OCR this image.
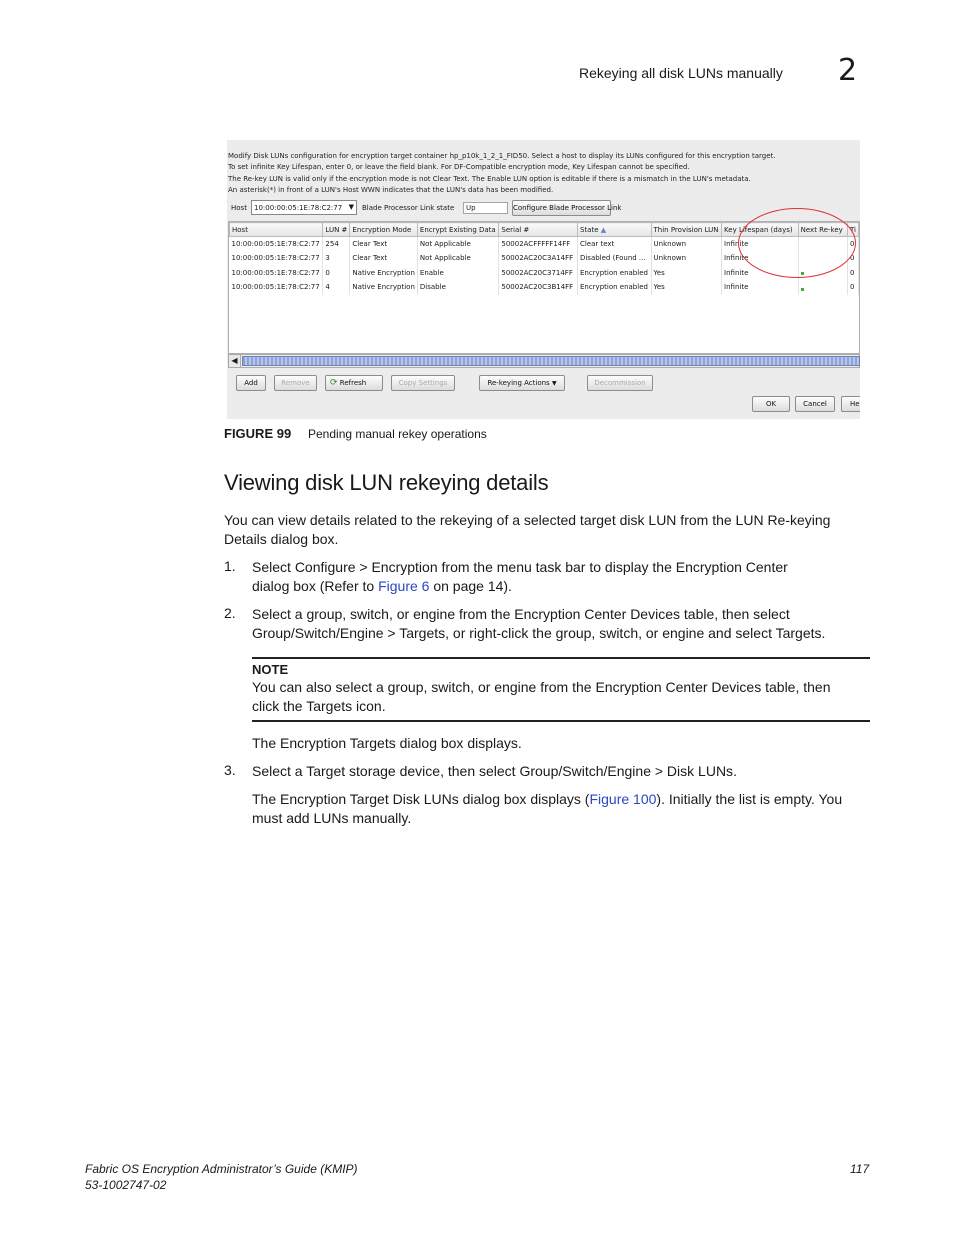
Rekeying all disk LUNs manually 2
Modify Disk LUNs configuration for encryption target container hp_p10k_1_2_1_FID50. Select a host to display its LUNs configured for this encryption target.
To set infinite Key Lifespan, enter 0, or leave the field blank. For DF-Compatible encryption mode, Key Lifespan cannot be specified.
The Re-key LUN is valid only if the encryption mode is not Clear Text. The Enable LUN option is editable if there is a mismatch in the LUN's metadata.
An asterisk(*) in front of a LUN's Host WWN indicates that the LUN's data has been modified.
Host	10:00:00:05:1E:78:C2:77 ▼ Blade Processor Link state	Up	Configure Blade Processor Link
Host	LUN #	Encryption Mode	Encrypt Existing Data	Serial #	State ▲	Thin Provision LUN	Key Lifespan (days)	Next Re-key	Ti
10:00:00:05:1E:78:C2:77	254	Clear Text	Not Applicable	50002ACFFFFF14FF	Clear text	Unknown	Infinite		0
10:00:00:05:1E:78:C2:77	3	Clear Text	Not Applicable	50002AC20C3A14FF	Disabled (Found ...	Unknown	Infinite		0
10:00:00:05:1E:78:C2:77	0	Native Encryption	Enable	50002AC20C3714FF	Encryption enabled	Yes	Infinite		0
10:00:00:05:1E:78:C2:77	4	Native Encryption	Disable	50002AC20C3B14FF	Encryption enabled	Yes	Infinite		0
◀
Add	Remove	⟳ Refresh	Copy Settings	Re-keying Actions ▼	Decommission
OK	Cancel	He
FIGURE 99 Pending manual rekey operations
Viewing disk LUN rekeying details
You can view details related to the rekeying of a selected target disk LUN from the LUN Re-keying
Details dialog box.
1. Select Configure > Encryption from the menu task bar to display the Encryption Center
dialog box (Refer to Figure 6 on page 14).
2. Select a group, switch, or engine from the Encryption Center Devices table, then select
Group/Switch/Engine > Targets, or right-click the group, switch, or engine and select Targets.
NOTE
You can also select a group, switch, or engine from the Encryption Center Devices table, then
click the Targets icon.
The Encryption Targets dialog box displays.
3. Select a Target storage device, then select Group/Switch/Engine > Disk LUNs.
The Encryption Target Disk LUNs dialog box displays (Figure 100). Initially the list is empty. You
must add LUNs manually.
Fabric OS Encryption Administrator’s Guide (KMIP)
53-1002747-02
117
